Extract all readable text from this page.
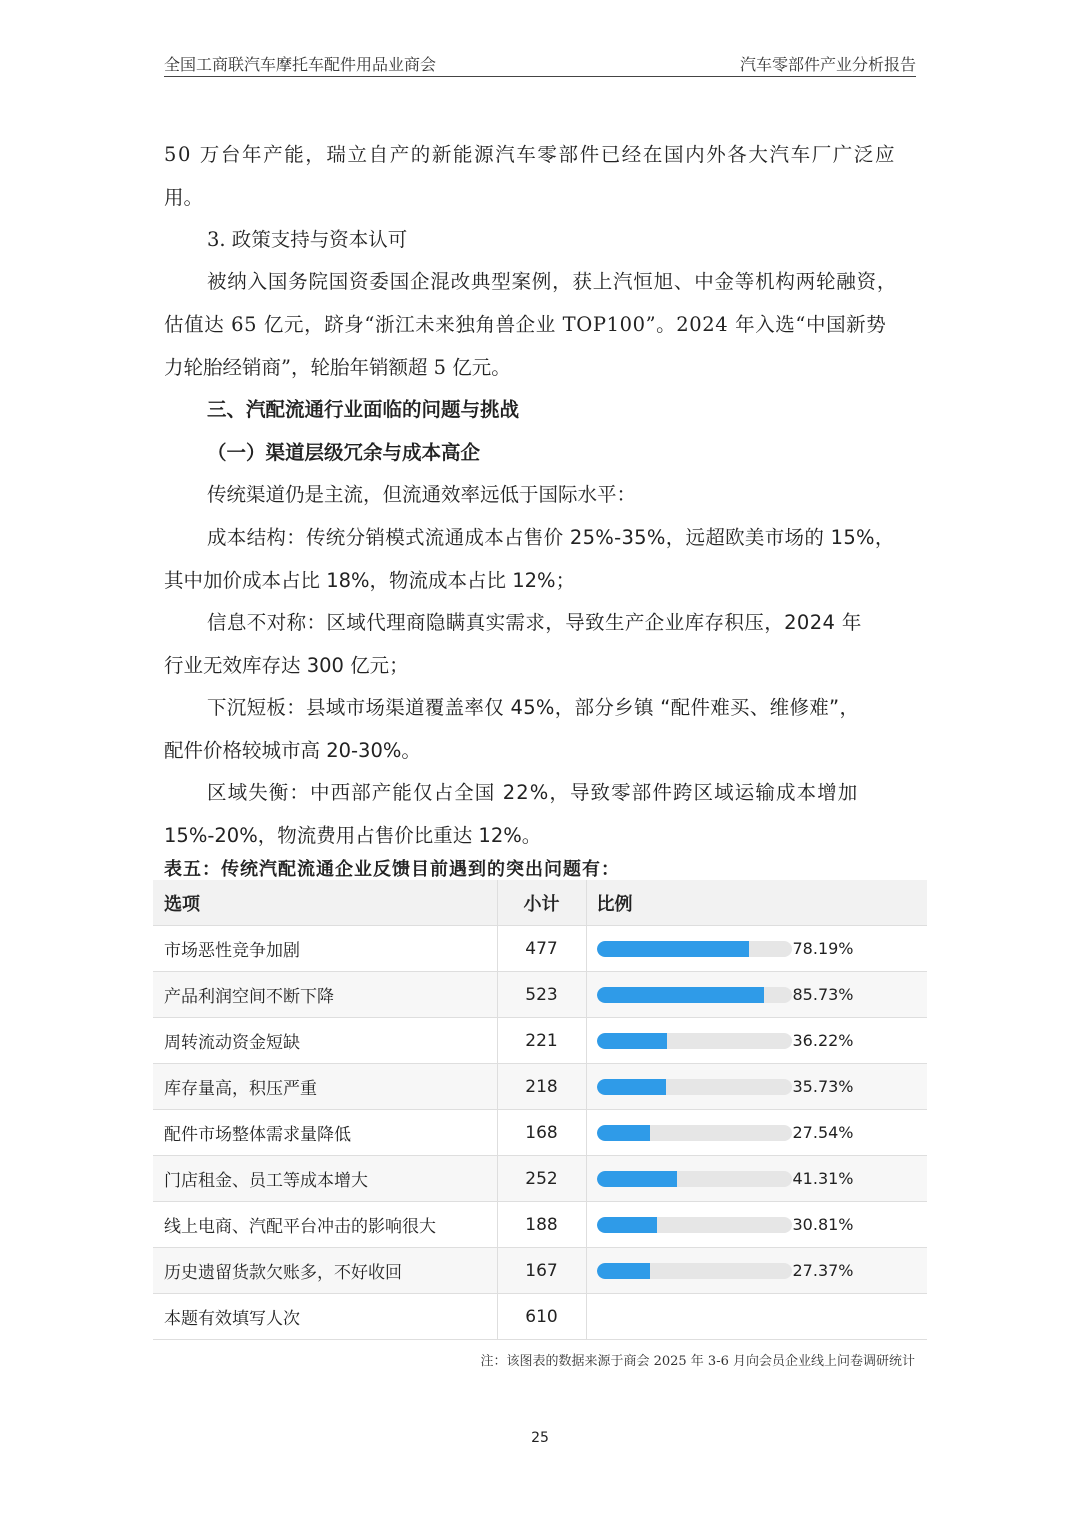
全国工商联汽车摩托车配件用品业商会	汽车零部件产业分析报告
50 万台年产能，瑞立自产的新能源汽车零部件已经在国内外各大汽车厂广泛应
用。
3. 政策支持与资本认可
被纳入国务院国资委国企混改典型案例，获上汽恒旭、中金等机构两轮融资，
估值达 65 亿元，跻身“浙江未来独角兽企业 TOP100”。2024 年入选“中国新势
力轮胎经销商”，轮胎年销额超 5 亿元。
三、汽配流通行业面临的问题与挑战
（一）渠道层级冗余与成本高企
传统渠道仍是主流，但流通效率远低于国际水平：
成本结构：传统分销模式流通成本占售价 25%-35%，远超欧美市场的 15%，
其中加价成本占比 18%，物流成本占比 12%；
信息不对称：区域代理商隐瞒真实需求，导致生产企业库存积压，2024 年
行业无效库存达 300 亿元；
下沉短板：县域市场渠道覆盖率仅 45%，部分乡镇 “配件难买、维修难”，
配件价格较城市高 20-30%。
区域失衡：中西部产能仅占全国 22%，导致零部件跨区域运输成本增加
15%-20%，物流费用占售价比重达 12%。
表五：传统汽配流通企业反馈目前遇到的突出问题有：
选项	小计	比例
市场恶性竞争加剧	477	78.19%
产品利润空间不断下降	523	85.73%
周转流动资金短缺	221	36.22%
库存量高，积压严重	218	35.73%
配件市场整体需求量降低	168	27.54%
门店租金、员工等成本增大	252	41.31%
线上电商、汽配平台冲击的影响很大	188	30.81%
历史遗留货款欠账多，不好收回	167	27.37%
本题有效填写人次	610	
注：该图表的数据来源于商会 2025 年 3-6 月向会员企业线上问卷调研统计
25
